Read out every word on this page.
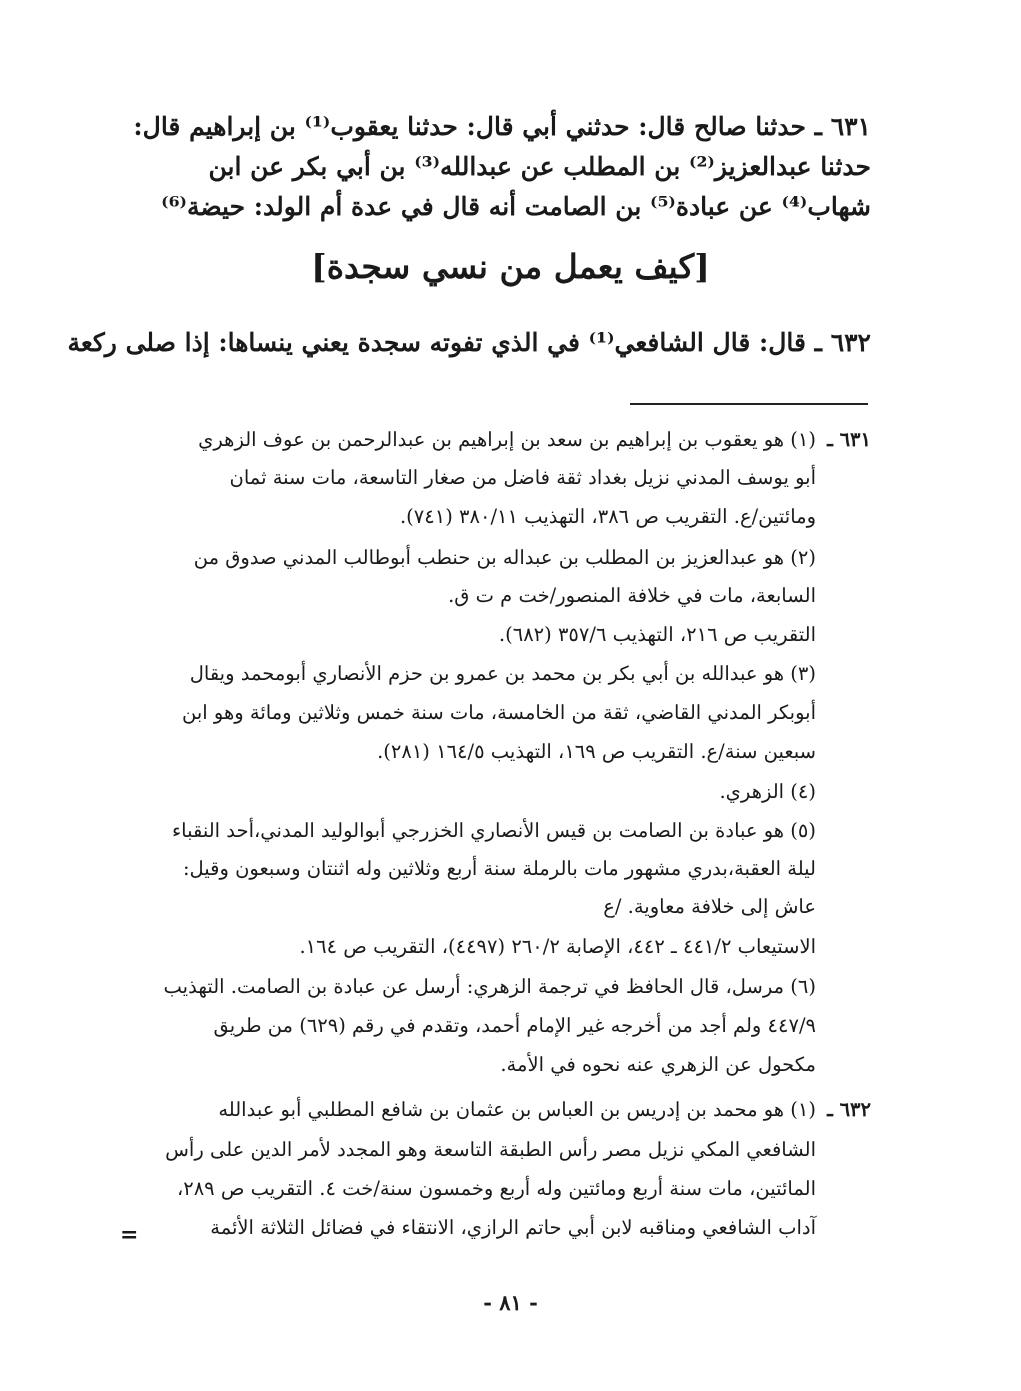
٦٣١ ـ حدثنا صالح قال: حدثني أبي قال: حدثنا يعقوب⁽¹⁾ بن إبراهيم قال:
حدثنا عبدالعزيز⁽²⁾ بن المطلب عن عبدالله⁽³⁾ بن أبي بكر عن ابن
شهاب⁽⁴⁾ عن عبادة⁽⁵⁾ بن الصامت أنه قال في عدة أم الولد: حيضة⁽⁶⁾
[كيف يعمل من نسي سجدة]
٦٣٢ ـ قال: قال الشافعي⁽¹⁾ في الذي تفوته سجدة يعني ينساها: إذا صلى ركعة
٦٣١ ـ
(١) هو يعقوب بن إبراهيم بن سعد بن إبراهيم بن عبدالرحمن بن عوف الزهري
أبو يوسف المدني نزيل بغداد ثقة فاضل من صغار التاسعة، مات سنة ثمان
ومائتين/ع. التقريب ص ٣٨٦، التهذيب ٣٨٠/١١ (٧٤١).
(٢) هو عبدالعزيز بن المطلب بن عبداله بن حنطب أبوطالب المدني صدوق من
السابعة، مات في خلافة المنصور/خت م ت ق.
التقريب ص ٢١٦، التهذيب ٣٥٧/٦ (٦٨٢).
(٣) هو عبدالله بن أبي بكر بن محمد بن عمرو بن حزم الأنصاري أبومحمد ويقال
أبوبكر المدني القاضي، ثقة من الخامسة، مات سنة خمس وثلاثين ومائة وهو ابن
سبعين سنة/ع. التقريب ص ١٦٩، التهذيب ١٦٤/٥ (٢٨١).
(٤) الزهري.
(٥) هو عبادة بن الصامت بن قيس الأنصاري الخزرجي أبوالوليد المدني،أحد النقباء
ليلة العقبة،بدري مشهور مات بالرملة سنة أربع وثلاثين وله اثنتان وسبعون وقيل:
عاش إلى خلافة معاوية. /ع
الاستيعاب ٤٤١/٢ ـ ٤٤٢، الإصابة ٢٦٠/٢ (٤٤٩٧)، التقريب ص ١٦٤.
(٦) مرسل، قال الحافظ في ترجمة الزهري: أرسل عن عبادة بن الصامت. التهذيب
٤٤٧/٩ ولم أجد من أخرجه غير الإمام أحمد، وتقدم في رقم (٦٢٩) من طريق
مكحول عن الزهري عنه نحوه في الأمة.
٦٣٢ ـ
(١) هو محمد بن إدريس بن العباس بن عثمان بن شافع المطلبي أبو عبدالله
الشافعي المكي نزيل مصر رأس الطبقة التاسعة وهو المجدد لأمر الدين على رأس
المائتين، مات سنة أربع ومائتين وله أربع وخمسون سنة/خت ٤. التقريب ص ٢٨٩،
آداب الشافعي ومناقبه لابن أبي حاتم الرازي، الانتقاء في فضائل الثلاثة الأئمة
=
- ٨١ -
